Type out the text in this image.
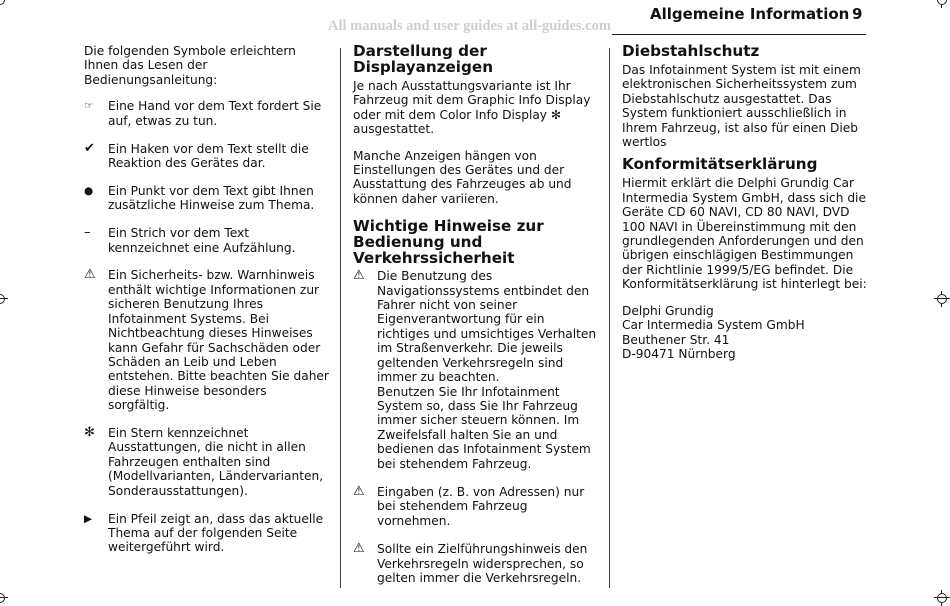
All manuals and user guides at all-guides.com
Allgemeine Information 9

Die folgenden Symbole erleichtern Ihnen das Lesen der Bedienungsanleitung:

☞	Eine Hand vor dem Text fordert Sie auf, etwas zu tun.
✔	Ein Haken vor dem Text stellt die Reaktion des Gerätes dar.
●	Ein Punkt vor dem Text gibt Ihnen zusätzliche Hinweise zum Thema.
–	Ein Strich vor dem Text kennzeichnet eine Aufzählung.
⚠	Ein Sicherheits- bzw. Warnhinweis enthält wichtige Informationen zur sicheren Benutzung Ihres Infotainment Systems. Bei Nichtbeachtung dieses Hinweises kann Gefahr für Sachschäden oder Schäden an Leib und Leben entstehen. Bitte beachten Sie daher diese Hinweise besonders sorgfältig.
✻	Ein Stern kennzeichnet Ausstattungen, die nicht in allen Fahrzeugen enthalten sind (Modellvarianten, Ländervarianten, Sonderausstattungen).
▶	Ein Pfeil zeigt an, dass das aktuelle Thema auf der folgenden Seite weitergeführt wird.
Darstellung der Displayanzeigen

Je nach Ausstattungsvariante ist Ihr Fahrzeug mit dem Graphic Info Display oder mit dem Color Info Display ✻ ausgestattet.

Manche Anzeigen hängen von Einstellungen des Gerätes und der Ausstattung des Fahrzeuges ab und können daher variieren.

Wichtige Hinweise zur Bedienung und Verkehrssicherheit
⚠	Die Benutzung des Navigationssystems entbindet den Fahrer nicht von seiner Eigenverantwortung für ein richtiges und umsichtiges Verhalten im Straßenverkehr. Die jeweils geltenden Verkehrsregeln sind immer zu beachten.
Benutzen Sie Ihr Infotainment System so, dass Sie Ihr Fahrzeug immer sicher steuern können. Im Zweifelsfall halten Sie an und bedienen das Infotainment System bei stehendem Fahrzeug.
⚠	Eingaben (z. B. von Adressen) nur bei stehendem Fahrzeug vornehmen.
⚠	Sollte ein Zielführungshinweis den Verkehrsregeln widersprechen, so gelten immer die Verkehrsregeln.
Diebstahlschutz

Das Infotainment System ist mit einem elektronischen Sicherheitssystem zum Diebstahlschutz ausgestattet. Das System funktioniert ausschließlich in Ihrem Fahrzeug, ist also für einen Dieb wertlos

Konformitätserklärung

Hiermit erklärt die Delphi Grundig Car Intermedia System GmbH, dass sich die Geräte CD 60 NAVI, CD 80 NAVI, DVD 100 NAVI in Übereinstimmung mit den grundlegenden Anforderungen und den übrigen einschlägigen Bestimmungen der Richtlinie 1999/5/EG befindet. Die Konformitätserklärung ist hinterlegt bei:

Delphi Grundig
Car Intermedia System GmbH
Beuthener Str. 41
D-90471 Nürnberg
